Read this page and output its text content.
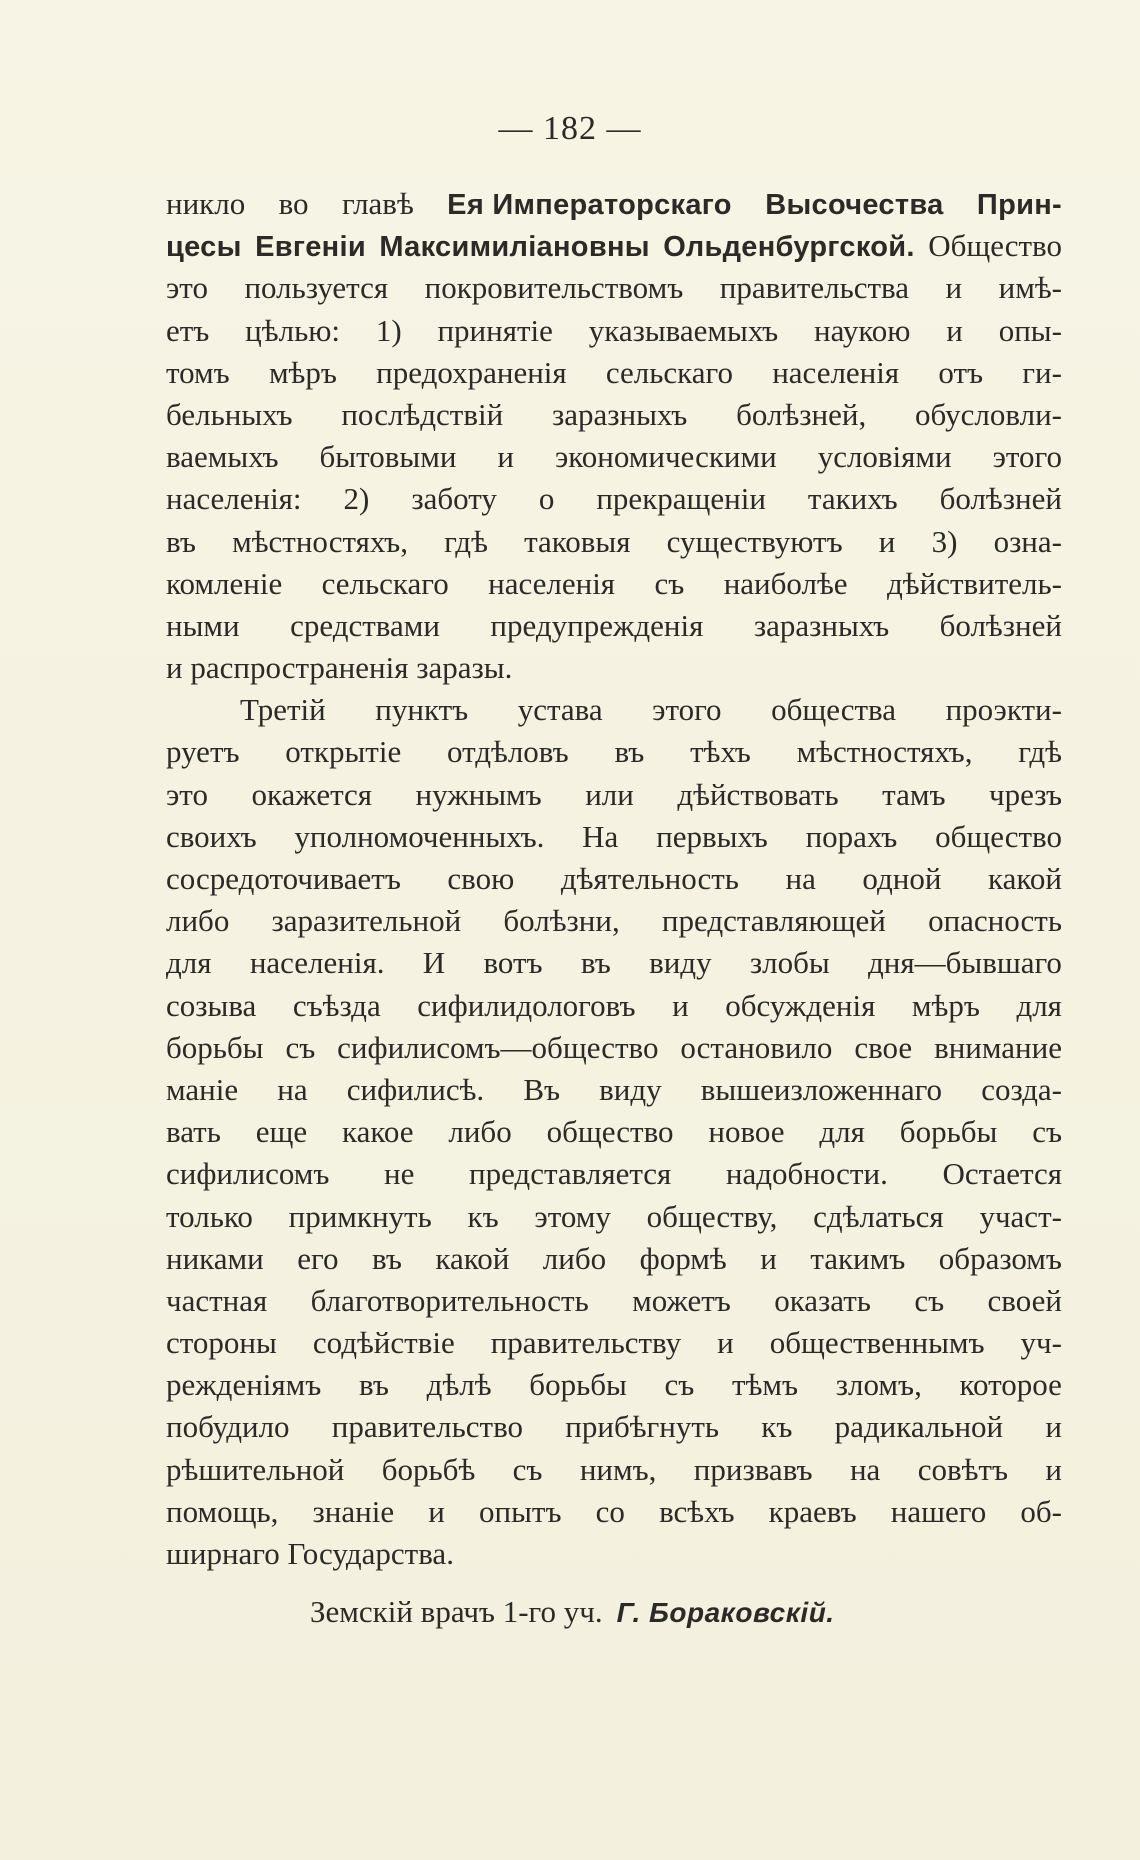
— 182 —
никло во главѣ Ея Императорскаго Высочества Прин-
цесы Евгеніи Максимиліановны Ольденбургской. Общество
это пользуется покровительствомъ правительства и имѣ-
етъ цѣлью: 1) принятіе указываемыхъ наукою и опы-
томъ мѣръ предохраненія сельскаго населенія отъ ги-
бельныхъ послѣдствій заразныхъ болѣзней, обусловли-
ваемыхъ бытовыми и экономическими условіями этого
населенія: 2) заботу о прекращеніи такихъ болѣзней
въ мѣстностяхъ, гдѣ таковыя существуютъ и 3) озна-
комленіе сельскаго населенія съ наиболѣе дѣйствитель-
ными средствами предупрежденія заразныхъ болѣзней
и распространенія заразы.
Третій пунктъ устава этого общества проэкти-
руетъ открытіе отдѣловъ въ тѣхъ мѣстностяхъ, гдѣ
это окажется нужнымъ или дѣйствовать тамъ чрезъ
своихъ уполномоченныхъ. На первыхъ порахъ общество
сосредоточиваетъ свою дѣятельность на одной какой
либо заразительной болѣзни, представляющей опасность
для населенія. И вотъ въ виду злобы дня—бывшаго
созыва съѣзда сифилидологовъ и обсужденія мѣръ для
борьбы съ сифилисомъ—общество остановило свое внимание
маніе на сифилисѣ. Въ виду вышеизложеннаго созда-
вать еще какое либо общество новое для борьбы съ
сифилисомъ не представляется надобности. Остается
только примкнуть къ этому обществу, сдѣлаться участ-
никами его въ какой либо формѣ и такимъ образомъ
частная благотворительность можетъ оказать съ своей
стороны содѣйствіе правительству и общественнымъ уч-
режденіямъ въ дѣлѣ борьбы съ тѣмъ зломъ, которое
побудило правительство прибѣгнуть къ радикальной и
рѣшительной борьбѣ съ нимъ, призвавъ на совѣтъ и
помощь, знаніе и опытъ со всѣхъ краевъ нашего об-
ширнаго Государства.
Земскій врачъ 1-го уч. Г. Бораковскій.
